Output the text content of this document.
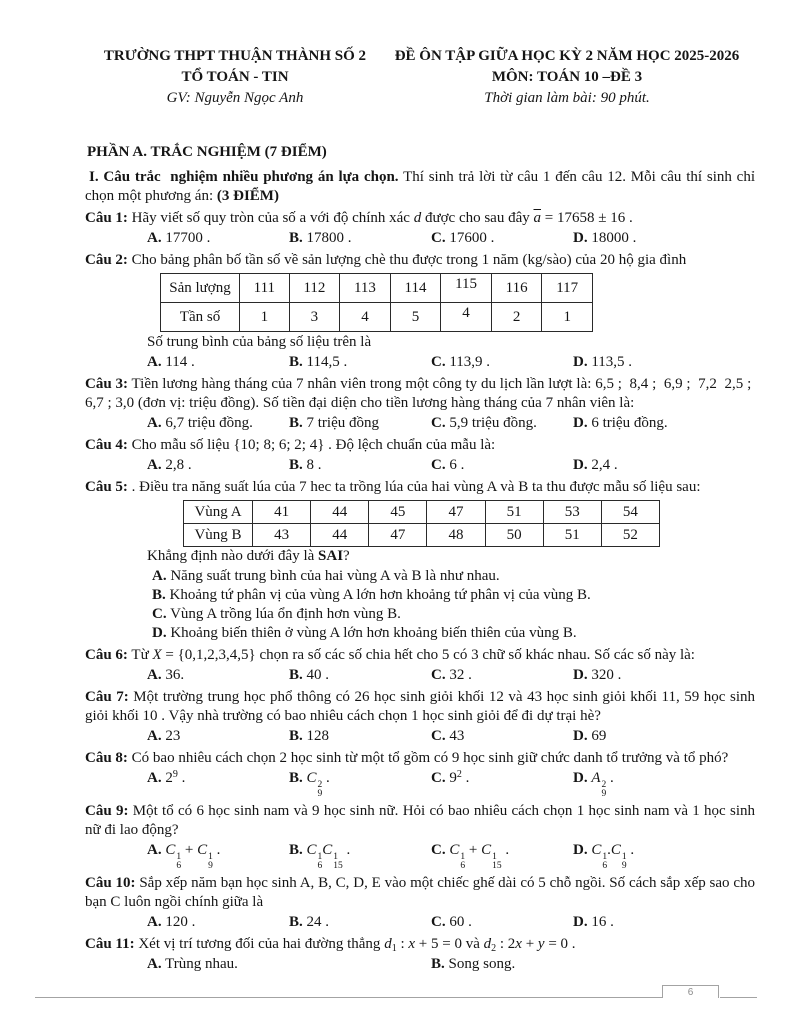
TRƯỜNG THPT THUẬN THÀNH SỐ 2
TỔ TOÁN - TIN
GV: Nguyễn Ngọc Anh
ĐỀ ÔN TẬP GIỮA HỌC KỲ 2 NĂM HỌC 2025-2026
MÔN: TOÁN 10 –ĐỀ 3
Thời gian làm bài: 90 phút.

PHẦN A. TRẮC NGHIỆM (7 ĐIỂM)

I. Câu trắc  nghiệm nhiều phương án lựa chọn. Thí sinh trả lời từ câu 1 đến câu 12. Mỗi câu thí sinh chỉ chọn một phương án: (3 ĐIỂM)

Câu 1: Hãy viết số quy tròn của số a với độ chính xác d được cho sau đây $\overline{a} = 17658 \pm 16$ .

A. 17700 .	B. 17800 .	C. 17600 .	D. 18000 .

Câu 2: Cho bảng phân bố tần số về sản lượng chè thu được trong 1 năm (kg/sào) của 20 hộ gia đình

Sản lượng	111	112	113	114	115	116	117
Tần số	1	3	4	5	4	2	1

Số trung bình của bảng số liệu trên là

A. 114 .	B. 114,5 .	C. 113,9 .	D. 113,5 .

Câu 3: Tiền lương hàng tháng của 7 nhân viên trong một công ty du lịch lần lượt là: 6,5 ;  8,4 ;  6,9 ;  7,2  2,5 ;  6,7 ; 3,0 (đơn vị: triệu đồng). Số tiền đại diện cho tiền lương hàng tháng của 7 nhân viên là:

A. 6,7 triệu đồng.	B. 7 triệu đồng	C. 5,9 triệu đồng.	D. 6 triệu đồng.

Câu 4: Cho mẫu số liệu {10; 8; 6; 2; 4} . Độ lệch chuẩn của mẫu là:

A. 2,8 .	B. 8 .	C. 6 .	D. 2,4 .

Câu 5: . Điều tra năng suất lúa của 7 hec ta trồng lúa của hai vùng A và B ta thu được mẫu số liệu sau:

Vùng A	41	44	45	47	51	53	54
Vùng B	43	44	47	48	50	51	52

Khẳng định nào dưới đây là SAI?

A. Năng suất trung bình của hai vùng A và B là như nhau.
B. Khoảng tứ phân vị của vùng A lớn hơn khoảng tứ phân vị của vùng B.
C. Vùng A trồng lúa ổn định hơn vùng B.
D. Khoảng biến thiên ở vùng A lớn hơn khoảng biến thiên của vùng B.

Câu 6: Từ X = {0,1,2,3,4,5} chọn ra số các số chia hết cho 5 có 3 chữ số khác nhau. Số các số này là:

A. 36.	B. 40 .	C. 32 .	D. 320 .

Câu 7: Một trường trung học phổ thông có 26 học sinh giỏi khối 12 và 43 học sinh giỏi khối 11, 59 học sinh giỏi khối 10 . Vậy nhà trường có bao nhiêu cách chọn 1 học sinh giỏi để đi dự trại hè?

A. 23	B. 128	C. 43	D. 69

Câu 8: Có bao nhiêu cách chọn 2 học sinh từ một tổ gồm có 9 học sinh giữ chức danh tổ trưởng và tổ phó?

A. $2^9$ .	B. C 2
9
.	C. $9^2$ .	D. A 2
9
.

Câu 9: Một tổ có 6 học sinh nam và 9 học sinh nữ. Hỏi có bao nhiêu cách chọn 1 học sinh nam và 1 học sinh nữ đi lao động?

A. C 1
6
+ C 1
9
.	B. C 1
6
C 1
15
.	C. C 1
6
+ C 1
15
.	D. C 1
6
.C 1
9
.

Câu 10: Sắp xếp năm bạn học sinh A, B, C, D, E vào một chiếc ghế dài có 5 chỗ ngồi. Số cách sắp xếp sao cho bạn C luôn ngồi chính giữa là

A. 120 .	B. 24 .	C. 60 .	D. 16 .

Câu 11: Xét vị trí tương đối của hai đường thẳng $d_1$ : x + 5 = 0 và $d_2$ : 2x + y = 0 .

A. Trùng nhau.	B. Song song.
6
